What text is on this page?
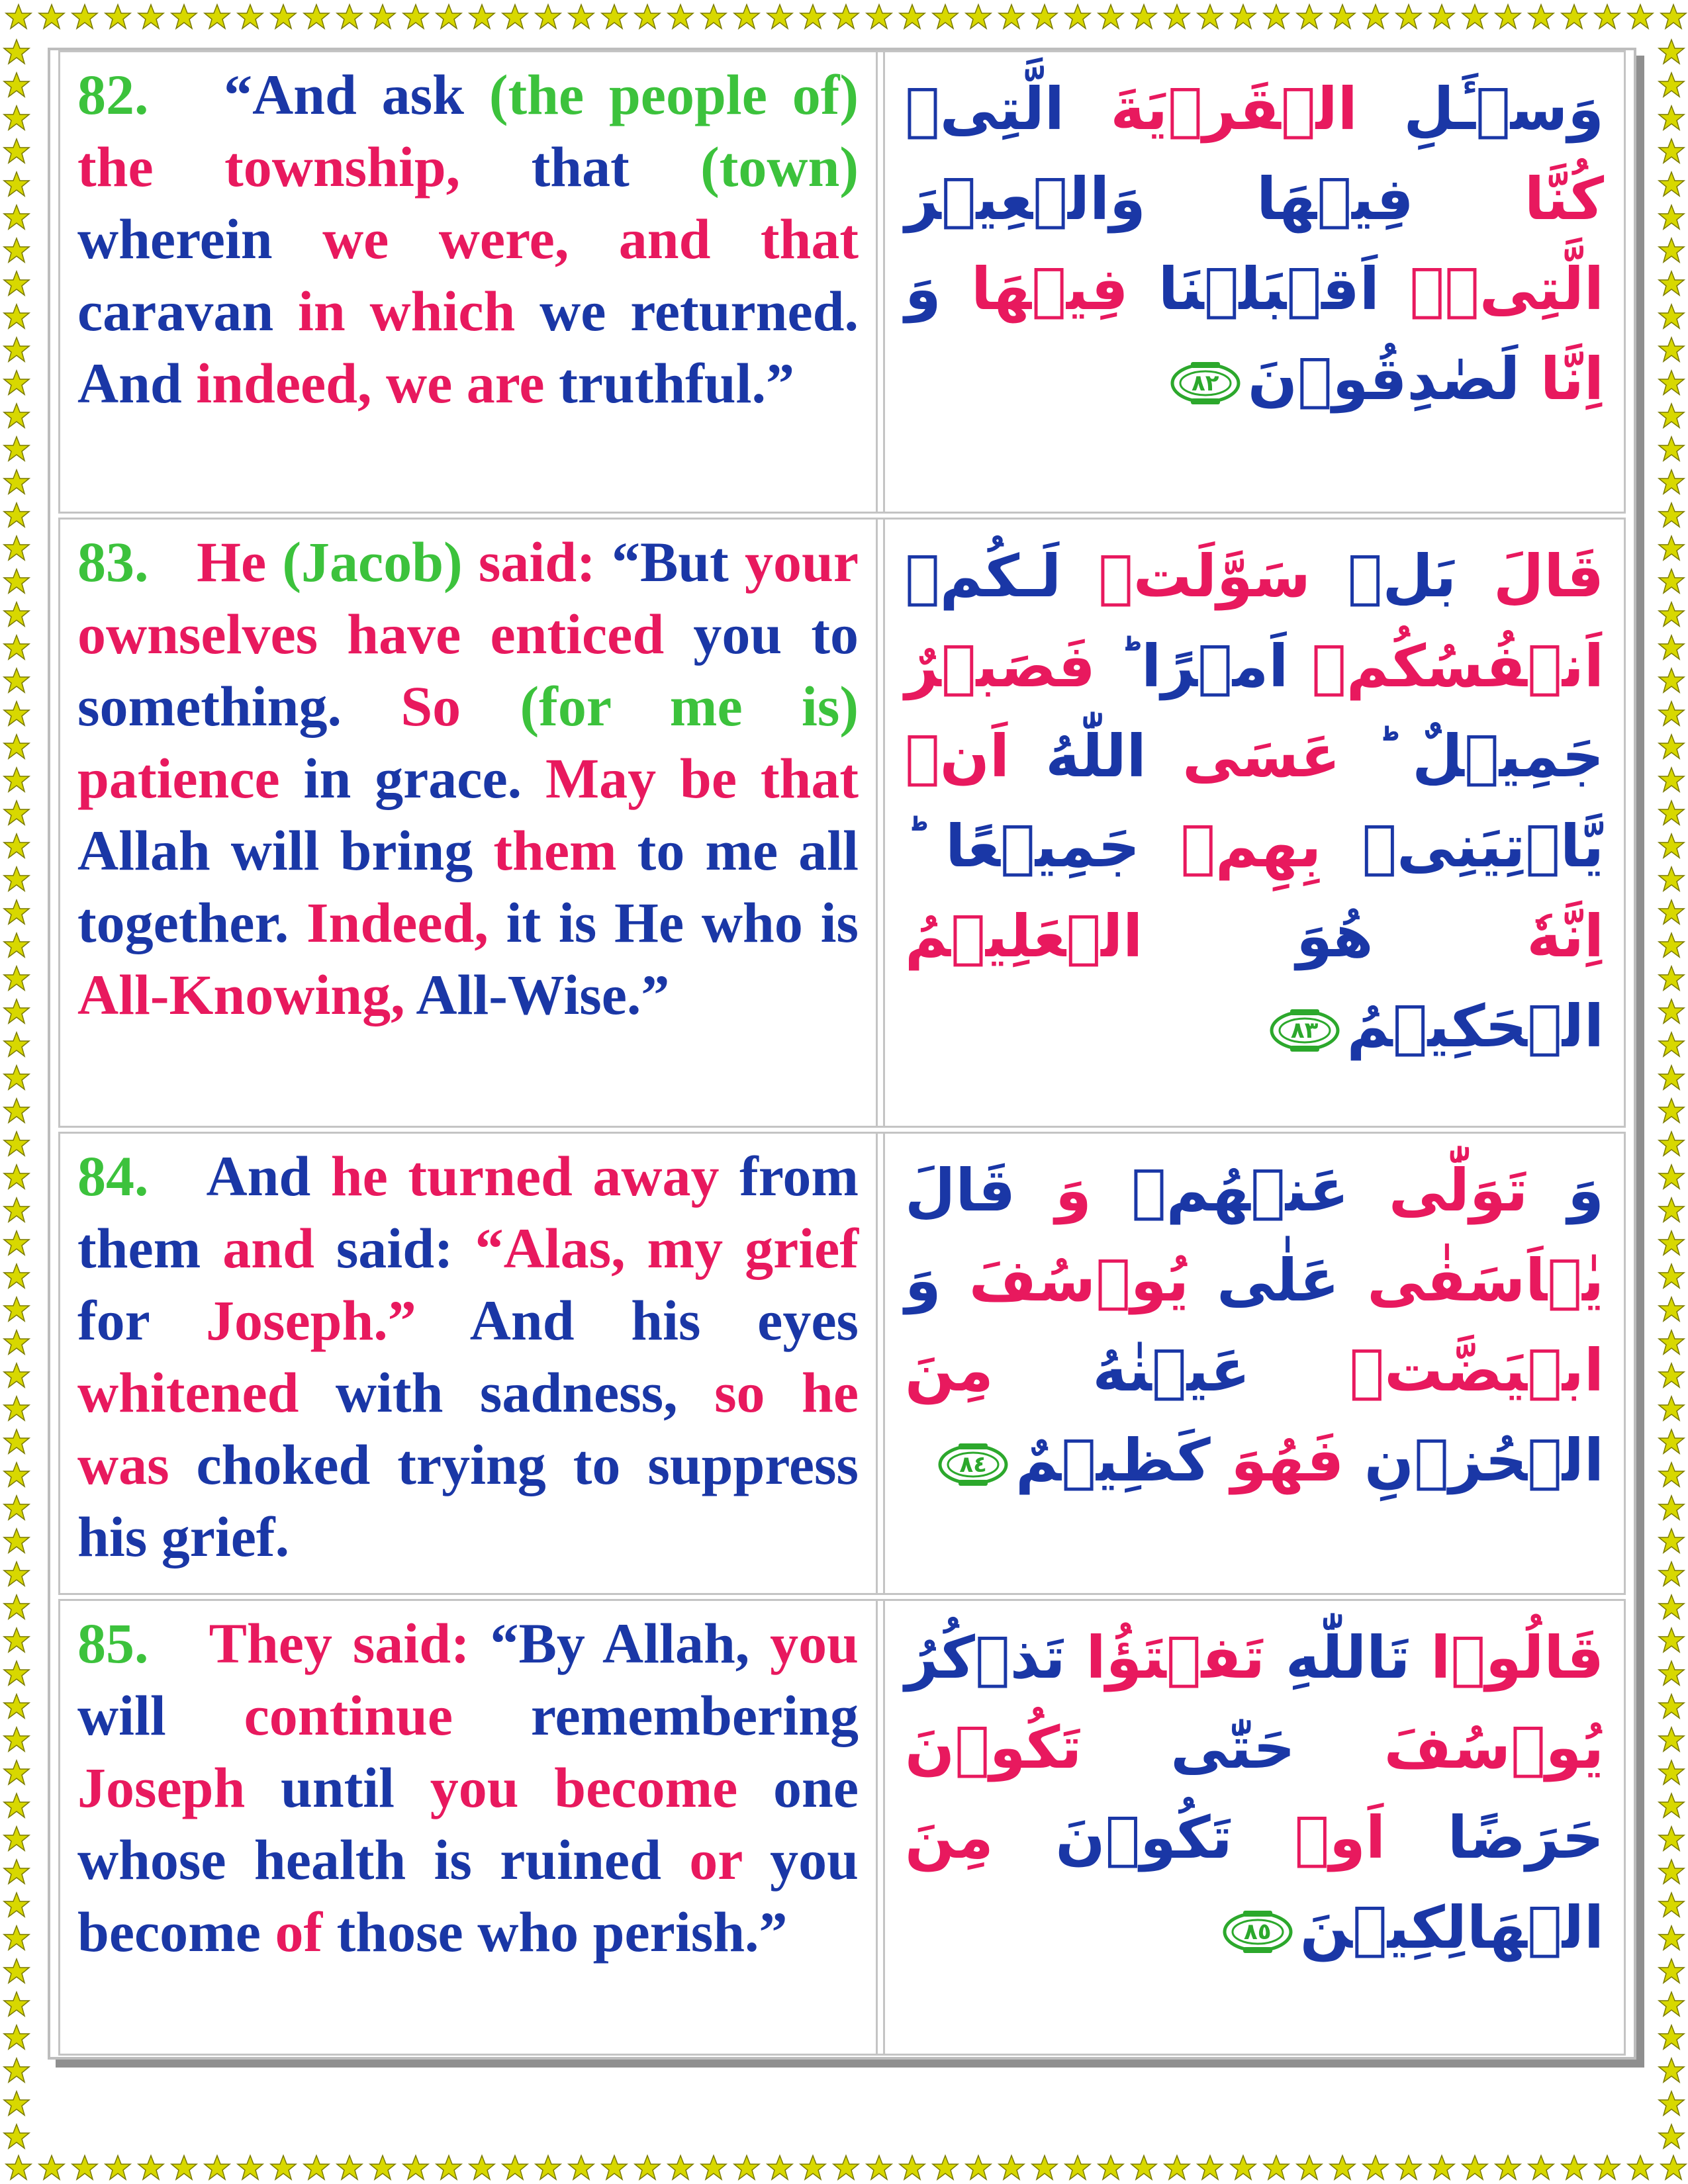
82.   “And ask (the people of) the township, that (town) wherein we were, and that caravan in which we returned. And indeed, we are truthful.”
وَسۡـَٔلِ الۡقَرۡيَةَ الَّتِىۡ كُنَّا فِيۡهَا وَالۡعِيۡرَ الَّتِىۡۤ اَقۡبَلۡنَا فِيۡهَا‌ وَ اِنَّا لَصٰدِقُوۡنَ
٨٢
83.   He (Jacob) said: “But your ownselves have enticed you to something. So (for me is) patience in grace. May be that Allah will bring them to me all together. Indeed, it is He who is All-Knowing, All-Wise.”
قَالَ بَلۡ سَوَّلَتۡ لَـكُمۡ اَنۡفُسُكُمۡ اَمۡرًا‌ ؕ فَصَبۡرٌ جَمِيۡلٌ‌ ؕ عَسَى اللّٰهُ اَنۡ يَّاۡتِيَنِىۡ بِهِمۡ جَمِيۡعًا‌ ؕ اِنَّهٗ هُوَ الۡعَلِيۡمُ الۡحَكِيۡمُ
٨٣
84.   And he turned away from them and said: “Alas, my grief for Joseph.” And his eyes whitened with sadness, so he was choked trying to suppress his grief.
وَ تَوَلّٰى عَنۡهُمۡ وَ قَالَ يٰۤاَسَفٰى عَلٰى يُوۡسُفَ وَ ابۡيَضَّتۡ عَيۡنٰهُ مِنَ الۡحُزۡنِ فَهُوَ كَظِيۡمٌ
٨٤
85.   They said: “By Allah, you will continue remembering Joseph until you become one whose health is ruined or you become of those who perish.”
قَالُوۡا تَاللّٰهِ تَفۡتَؤُا تَذۡكُرُ يُوۡسُفَ حَتّٰى تَكُوۡنَ حَرَضًا اَوۡ تَكُوۡنَ مِنَ الۡهَالِكِيۡنَ
٨٥
